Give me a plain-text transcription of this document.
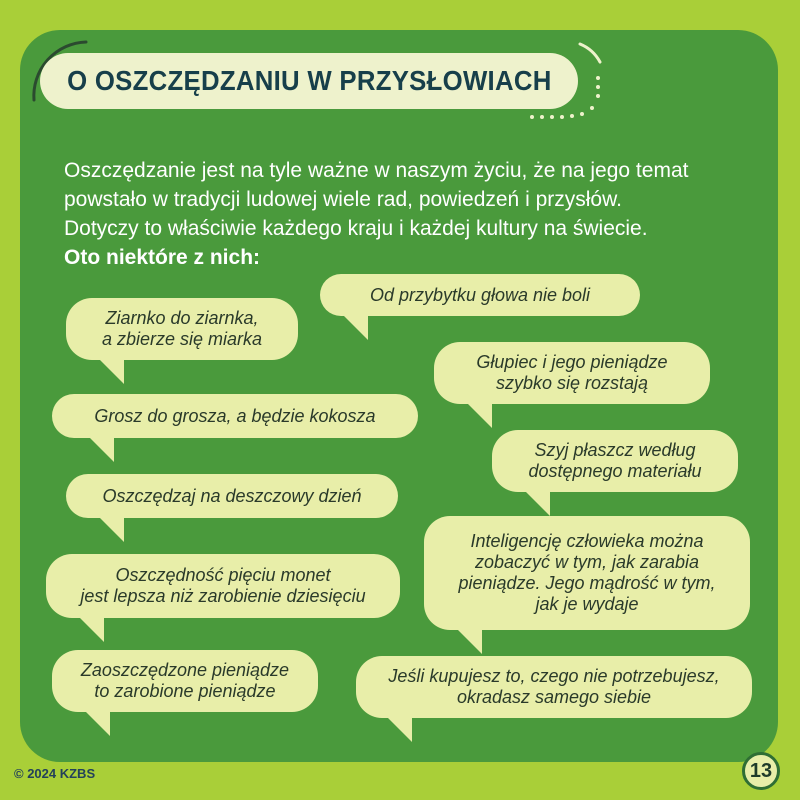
O OSZCZĘDZANIU W PRZYSŁOWIACH

Oszczędzanie jest na tyle ważne w naszym życiu, że na jego temat

powstało w tradycji ludowej wiele rad, powiedzeń i przysłów.

Dotyczy to właściwie każdego kraju i każdej kultury na świecie.

Oto niektóre z nich:

Od przybytku głowa nie boli
Ziarnko do ziarnka,
a zbierze się miarka
Głupiec i jego pieniądze
szybko się rozstają
Grosz do grosza, a będzie kokosza
Szyj płaszcz według
dostępnego materiału
Oszczędzaj na deszczowy dzień
Inteligencję człowieka można
zobaczyć w tym, jak zarabia
pieniądze. Jego mądrość w tym,
jak je wydaje
Oszczędność pięciu monet
jest lepsza niż zarobienie dziesięciu
Zaoszczędzone pieniądze
to zarobione pieniądze
Jeśli kupujesz to, czego nie potrzebujesz,
okradasz samego siebie
© 2024 KZBS	13
